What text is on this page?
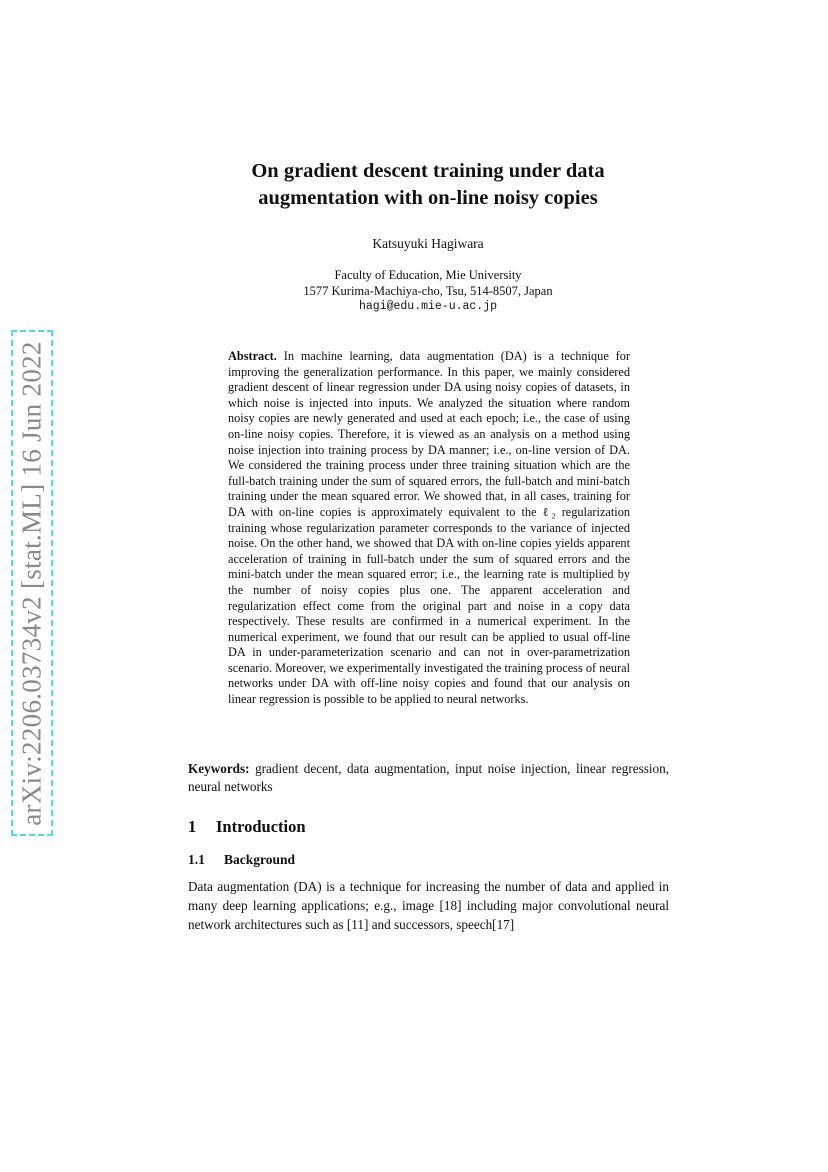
arXiv:2206.03734v2 [stat.ML] 16 Jun 2022
On gradient descent training under data
augmentation with on-line noisy copies
Katsuyuki Hagiwara
Faculty of Education, Mie University
1577 Kurima-Machiya-cho, Tsu, 514-8507, Japan
hagi@edu.mie-u.ac.jp
Abstract. In machine learning, data augmentation (DA) is a technique for improving the generalization performance. In this paper, we mainly considered gradient descent of linear regression under DA using noisy copies of datasets, in which noise is injected into inputs. We analyzed the situation where random noisy copies are newly generated and used at each epoch; i.e., the case of using on-line noisy copies. Therefore, it is viewed as an analysis on a method using noise injection into training process by DA manner; i.e., on-line version of DA. We considered the training process under three training situation which are the full-batch training under the sum of squared errors, the full-batch and mini-batch training under the mean squared error. We showed that, in all cases, training for DA with on-line copies is approximately equivalent to the ℓ₂ regularization training whose regularization parameter corresponds to the variance of injected noise. On the other hand, we showed that DA with on-line copies yields apparent acceleration of training in full-batch under the sum of squared errors and the mini-batch under the mean squared error; i.e., the learning rate is multiplied by the number of noisy copies plus one. The apparent acceleration and regularization effect come from the original part and noise in a copy data respectively. These results are confirmed in a numerical experiment. In the numerical experiment, we found that our result can be applied to usual off-line DA in under-parameterization scenario and can not in over-parametrization scenario. Moreover, we experimentally investigated the training process of neural networks under DA with off-line noisy copies and found that our analysis on linear regression is possible to be applied to neural networks.
Keywords: gradient decent, data augmentation, input noise injection, linear regression, neural networks
1 Introduction
1.1 Background
Data augmentation (DA) is a technique for increasing the number of data and applied in many deep learning applications; e.g., image [18] including major convolutional neural network architectures such as [11] and successors, speech[17]
